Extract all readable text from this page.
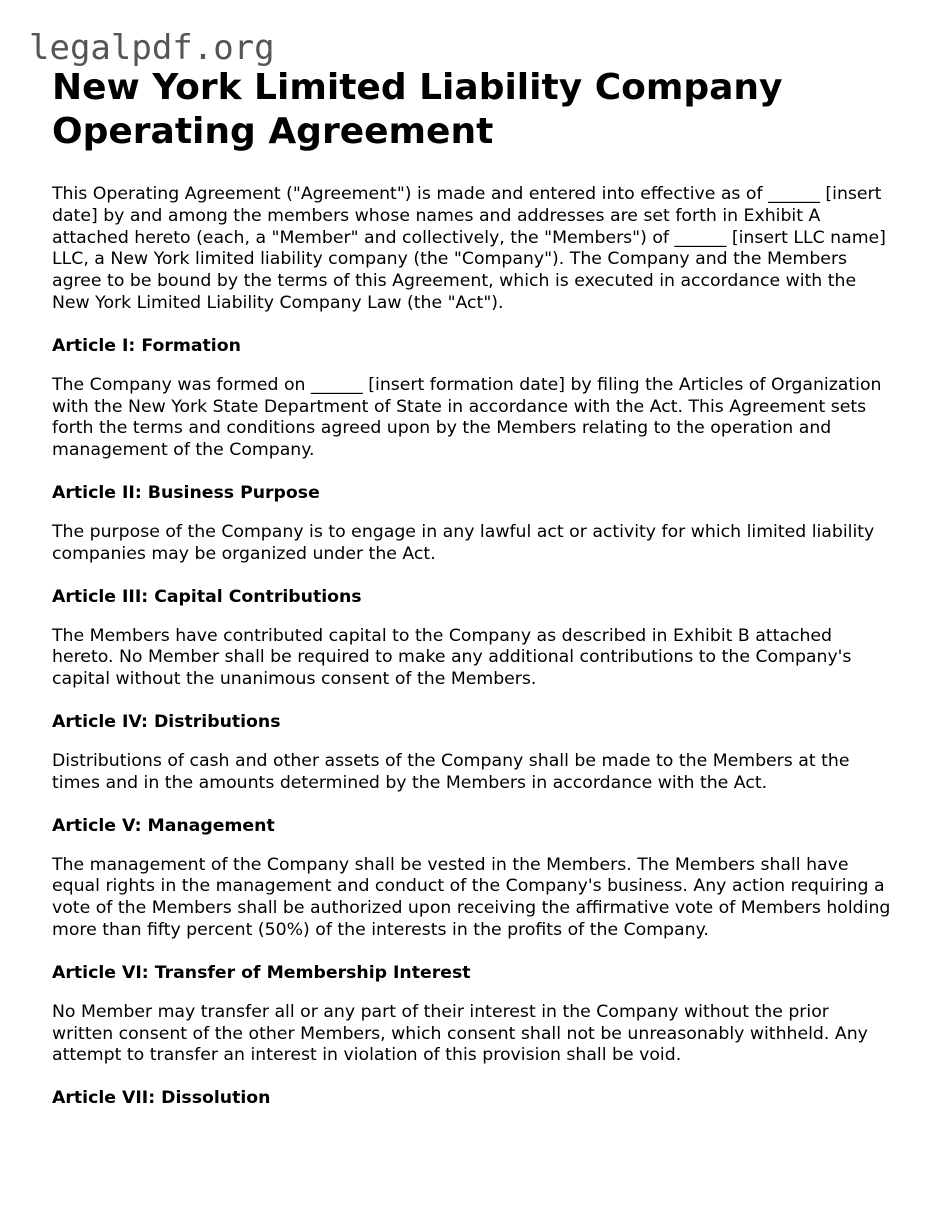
legalpdf.org
New York Limited Liability Company Operating Agreement

This Operating Agreement ("Agreement") is made and entered into effective as of ______ [insert date] by and among the members whose names and addresses are set forth in Exhibit A attached hereto (each, a "Member" and collectively, the "Members") of ______ [insert LLC name] LLC, a New York limited liability company (the "Company"). The Company and the Members agree to be bound by the terms of this Agreement, which is executed in accordance with the New York Limited Liability Company Law (the "Act").

Article I: Formation

The Company was formed on ______ [insert formation date] by filing the Articles of Organization with the New York State Department of State in accordance with the Act. This Agreement sets forth the terms and conditions agreed upon by the Members relating to the operation and management of the Company.

Article II: Business Purpose

The purpose of the Company is to engage in any lawful act or activity for which limited liability companies may be organized under the Act.

Article III: Capital Contributions

The Members have contributed capital to the Company as described in Exhibit B attached hereto. No Member shall be required to make any additional contributions to the Company's capital without the unanimous consent of the Members.

Article IV: Distributions

Distributions of cash and other assets of the Company shall be made to the Members at the times and in the amounts determined by the Members in accordance with the Act.

Article V: Management

The management of the Company shall be vested in the Members. The Members shall have equal rights in the management and conduct of the Company's business. Any action requiring a vote of the Members shall be authorized upon receiving the affirmative vote of Members holding more than fifty percent (50%) of the interests in the profits of the Company.

Article VI: Transfer of Membership Interest

No Member may transfer all or any part of their interest in the Company without the prior written consent of the other Members, which consent shall not be unreasonably withheld. Any attempt to transfer an interest in violation of this provision shall be void.

Article VII: Dissolution
